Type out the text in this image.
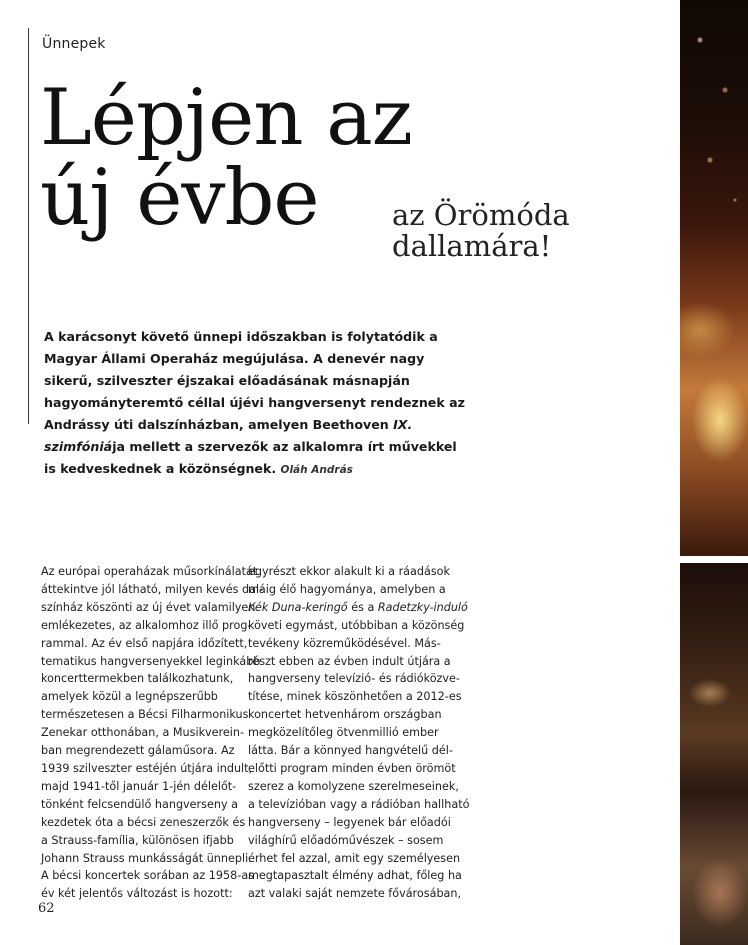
Ünnepek
Lépjen az
új évbe	az Örömóda
dallamára!
A karácsonyt követő ünnepi időszakban is folytatódik a Magyar Állami Operaház megújulása. A denevér nagy sikerű, szilveszter éjszakai előadásának másnapján hagyományteremtő céllal újévi hangversenyt rendeznek az Andrássy úti dalszínházban, amelyen Beethoven IX. szimfóniája mellett a szervezők az alkalomra írt művekkel is kedveskednek a közönségnek. Oláh András
Az európai operaházak műsorkínálatát
áttekintve jól látható, milyen kevés dal-
színház köszönti az új évet valamilyen
emlékezetes, az alkalomhoz illő prog-
rammal. Az év első napjára időzített,
tematikus hangversenyekkel leginkább
koncerttermekben találkozhatunk,
amelyek közül a legnépszerűbb
természetesen a Bécsi Filharmonikus
Zenekar otthonában, a Musikverein-
ban megrendezett gálaműsora. Az
1939 szilveszter estéjén útjára indult,
majd 1941-től január 1-jén délelőt-
tönként felcsendülő hangverseny a
kezdetek óta a bécsi zeneszerzők és
a Strauss-família, különösen ifjabb
Johann Strauss munkásságát ünnepli.
A bécsi koncertek sorában az 1958-as
év két jelentős változást is hozott:
egyrészt ekkor alakult ki a ráadások
máig élő hagyománya, amelyben a
Kék Duna-keringő és a Radetzky-induló
követi egymást, utóbbiban a közönség
tevékeny közreműködésével. Más-
részt ebben az évben indult útjára a
hangverseny televízió- és rádióközve-
títése, minek köszönhetően a 2012-es
koncertet hetvenhárom országban
megközelítőleg ötvenmillió ember
látta. Bár a könnyed hangvételű dél-
előtti program minden évben örömöt
szerez a komolyzene szerelmeseinek,
a televízióban vagy a rádióban hallható
hangverseny – legyenek bár előadói
világhírű előadóművészek – sosem
érhet fel azzal, amit egy személyesen
megtapasztalt élmény adhat, főleg ha
azt valaki saját nemzete fővárosában,
62
